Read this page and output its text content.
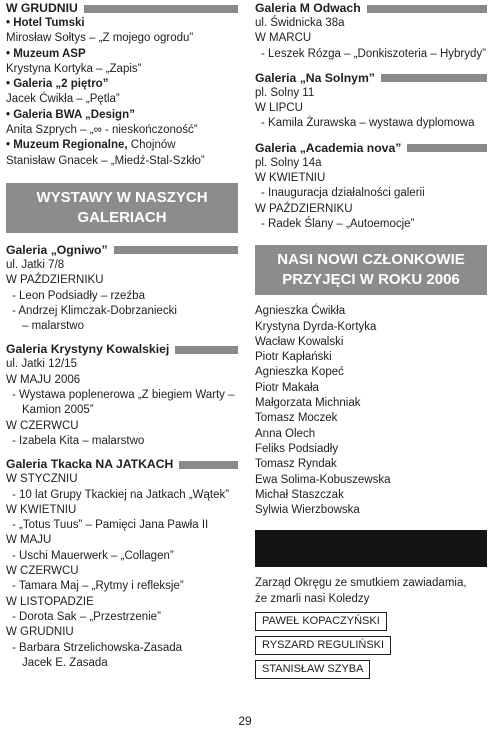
W GRUDNIU
• Hotel Tumski
Mirosław Sołtys – „Z mojego ogrodu”
• Muzeum ASP
Krystyna Kortyka – „Zapis”
• Galeria „2 piętro”
Jacek Ćwikła – „Pętla”
• Galeria BWA „Design”
Anita Szprych – „∞ - nieskończoność”
• Muzeum Regionalne, Chojnów
Stanisław Gnacek – „Miedź-Stal-Szkło”
WYSTAWY W NASZYCH
GALERIACH
Galeria „Ogniwo”
ul. Jatki 7/8
W PAŹDZIERNIKU
- Leon Podsiadły – rzeźba
- Andrzej Klimczak-Dobrzaniecki
– malarstwo
Galeria Krystyny Kowalskiej
ul. Jatki 12/15
W MAJU 2006
- Wystawa poplenerowa „Z biegiem Warty –
Kamion 2005”
W CZERWCU
- Izabela Kita – malarstwo
Galeria Tkacka NA JATKACH
W STYCZNIU
- 10 lat Grupy Tkackiej na Jatkach „Wątek”
W KWIETNIU
- „Totus Tuus” – Pamięci Jana Pawła II
W MAJU
- Uschi Mauerwerk – „Collagen”
W CZERWCU
- Tamara Maj – „Rytmy i refleksje”
W LISTOPADZIE
- Dorota Sak – „Przestrzenie”
W GRUDNIU
- Barbara Strzelichowska-Zasada
Jacek E. Zasada
Galeria M Odwach
ul. Świdnicka 38a
W MARCU
- Leszek Rózga – „Donkiszoteria – Hybrydy”
Galeria „Na Solnym”
pl. Solny 11
W LIPCU
- Kamila Żurawska – wystawa dyplomowa
Galeria „Academia nova”
pl. Solny 14a
W KWIETNIU
- Inauguracja działalności galerii
W PAŹDZIERNIKU
- Radek Ślany – „Autoemocje”
NASI NOWI CZŁONKOWIE
PRZYJĘCI W ROKU 2006
Agnieszka Ćwikła
Krystyna Dyrda-Kortyka
Wacław Kowalski
Piotr Kapłański
Agnieszka Kopeć
Piotr Makała
Małgorzata Michniak
Tomasz Moczek
Anna Olech
Feliks Podsiadły
Tomasz Ryndak
Ewa Solima-Kobuszewska
Michał Staszczak
Sylwia Wierzbowska
Zarząd Okręgu ze smutkiem zawiadamia,
że zmarli nasi Koledzy
PAWEŁ KOPACZYŃSKI
RYSZARD REGULIŃSKI
STANISŁAW SZYBA
29
